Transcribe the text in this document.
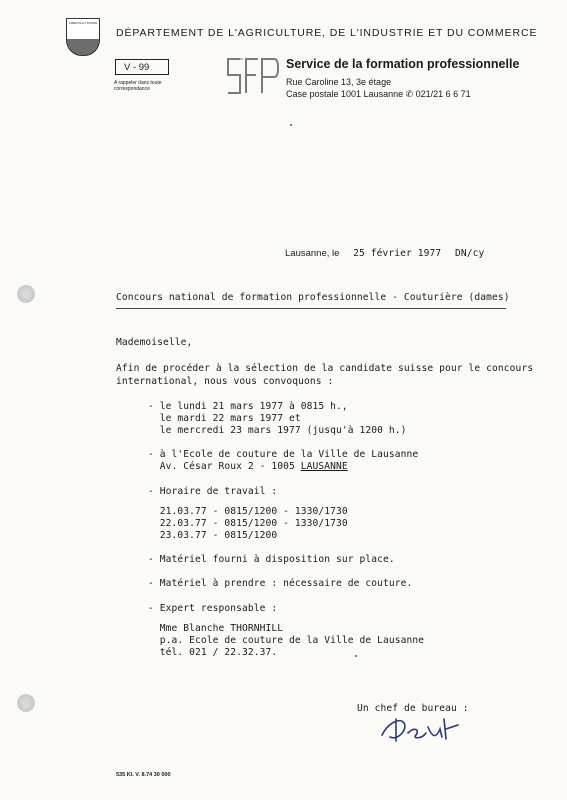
LIBERTÉ ET PATRIE
DÉPARTEMENT DE L'AGRICULTURE, DE L'INDUSTRIE ET DU COMMERCE
V - 99
A rappeler dans toute correspondance
SFP
Service de la formation professionnelle
Rue Caroline 13, 3e étage
Case postale 1001 Lausanne ✆ 021/21 6 6 71
Lausanne, le 25 février 1977 DN/cy
Concours national de formation professionnelle - Couturière (dames)
Mademoiselle,
Afin de procéder à la sélection de la candidate suisse pour le concours
international, nous vous convoquons :
- le lundi 21 mars 1977 à 0815 h.,
le mardi 22 mars 1977 et
le mercredi 23 mars 1977 (jusqu'à 1200 h.)
- à l'Ecole de couture de la Ville de Lausanne
Av. César Roux 2 - 1005 LAUSANNE
- Horaire de travail :
21.03.77 - 0815/1200 - 1330/1730
22.03.77 - 0815/1200 - 1330/1730
23.03.77 - 0815/1200
- Matériel fourni à disposition sur place.
- Matériel à prendre : nécessaire de couture.
- Expert responsable :
Mme Blanche THORNHILL
p.a. Ecole de couture de la Ville de Lausanne
tél. 021 / 22.32.37.
Un chef de bureau :
535 Kl. V. 8.74 30 000
